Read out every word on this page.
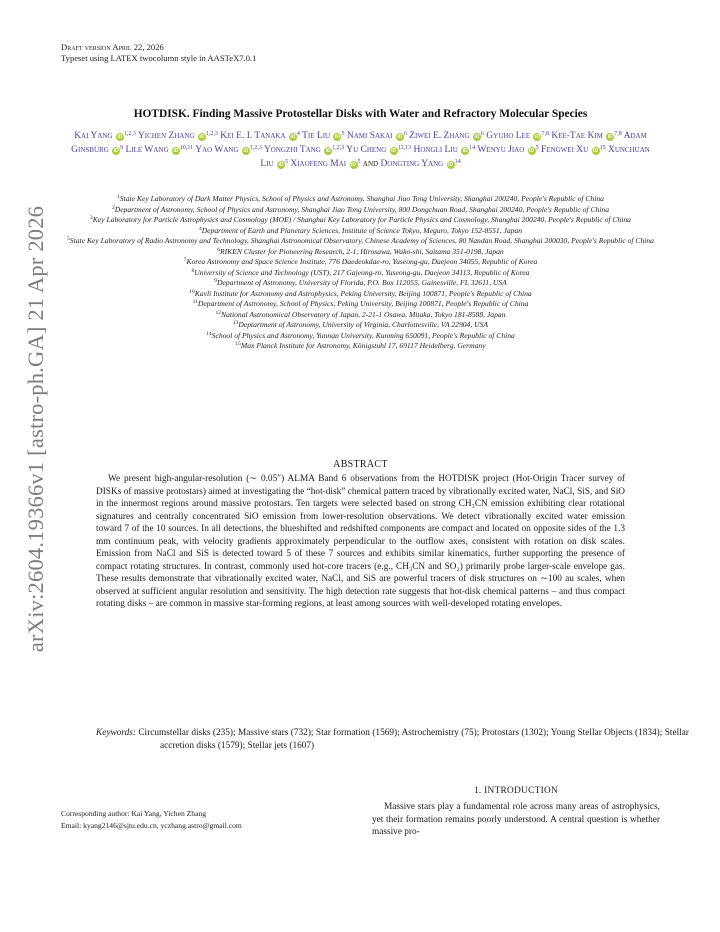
arXiv:2604.19366v1 [astro-ph.GA] 21 Apr 2026
Draft version April 22, 2026
Typeset using LATEX twocolumn style in AASTeX7.0.1
HOTDISK. Finding Massive Protostellar Disks with Water and Refractory Molecular Species
Kai Yang iD $^{1,2,3}$ Yichen Zhang iD $^{1,2,3}$ Kei E. I. Tanaka iD $^4$ Tie Liu iD $^5$ Nami Sakai iD $^6$ Ziwei E. Zhang iD $^6$ Gyuho Lee iD $^{7,8}$ Kee-Tae Kim iD $^{7,8}$ Adam Ginsburg iD $^9$ Lile Wang iD $^{10,11}$ Yao Wang iD $^{1,2,3}$ Yongzhi Tang iD $^{1,2,3}$ Yu Cheng iD $^{12,13}$ Hongli Liu iD $^{14}$ Wenyu Jiao iD $^5$ Fengwei Xu iD $^{15}$ Xunchuan Liu iD $^5$ Xiaofeng Mai iD $^5$ and Dongting Yang iD $^{14}$

$^1$State Key Laboratory of Dark Matter Physics, School of Physics and Astronomy, Shanghai Jiao Tong University, Shanghai 200240, People's Republic of China

$^2$Department of Astronomy, School of Physics and Astronomy, Shanghai Jiao Tong University, 800 Dongchuan Road, Shanghai 200240, People's Republic of China

$^3$Key Laboratory for Particle Astrophysics and Cosmology (MOE) / Shanghai Key Laboratory for Particle Physics and Cosmology, Shanghai 200240, People's Republic of China

$^4$Department of Earth and Planetary Sciences, Institute of Science Tokyo, Meguro, Tokyo 152-8551, Japan

$^5$State Key Laboratory of Radio Astronomy and Technology, Shanghai Astronomical Observatory, Chinese Academy of Sciences, 80 Nandan Road, Shanghai 200030, People's Republic of China

$^6$RIKEN Cluster for Pioneering Research, 2-1, Hirosawa, Wako-shi, Saitama 351-0198, Japan

$^7$Korea Astronomy and Space Science Institute, 776 Daedeokdae-ro, Yuseong-gu, Daejeon 34055, Republic of Korea

$^8$University of Science and Technology (UST), 217 Gajeong-ro, Yuseong-gu, Daejeon 34113, Republic of Korea

$^9$Department of Astronomy, University of Florida, P.O. Box 112055, Gainesville, FL 32611, USA

$^{10}$Kavli Institute for Astronomy and Astrophysics, Peking University, Beijing 100871, People's Republic of China

$^{11}$Department of Astronomy, School of Physics, Peking University, Beijing 100871, People's Republic of China

$^{12}$National Astronomical Observatory of Japan, 2-21-1 Osawa, Mitaka, Tokyo 181-8588, Japan

$^{13}$Deptartment of Astronomy, University of Virginia, Charlottesville, VA 22904, USA

$^{14}$School of Physics and Astronomy, Yunnan University, Kunming 650091, People's Republic of China

$^{15}$Max Planck Institute for Astronomy, Königstuhl 17, 69117 Heidelberg, Germany

ABSTRACT

We present high-angular-resolution (∼ 0.05″) ALMA Band 6 observations from the HOTDISK project (Hot-Origin Tracer survey of DISKs of massive protostars) aimed at investigating the “hot-disk” chemical pattern traced by vibrationally excited water, NaCl, SiS, and SiO in the innermost regions around massive protostars. Ten targets were selected based on strong CH₃CN emission exhibiting clear rotational signatures and centrally concentrated SiO emission from lower-resolution observations. We detect vibrationally excited water emission toward 7 of the 10 sources. In all detections, the blueshifted and redshifted components are compact and located on opposite sides of the 1.3 mm continuum peak, with velocity gradients approximately perpendicular to the outflow axes, consistent with rotation on disk scales. Emission from NaCl and SiS is detected toward 5 of these 7 sources and exhibits similar kinematics, further supporting the presence of compact rotating structures. In contrast, commonly used hot-core tracers (e.g., CH₃CN and SO₂) primarily probe larger-scale envelope gas. These results demonstrate that vibrationally excited water, NaCl, and SiS are powerful tracers of disk structures on ∼100 au scales, when observed at sufficient angular resolution and sensitivity. The high detection rate suggests that hot-disk chemical patterns – and thus compact rotating disks – are common in massive star-forming regions, at least among sources with well-developed rotating envelopes.

Keywords: Circumstellar disks (235); Massive stars (732); Star formation (1569); Astrochemistry (75); Protostars (1302); Young Stellar Objects (1834); Stellar accretion disks (1579); Stellar jets (1607)
1. INTRODUCTION

Massive stars play a fundamental role across many areas of astrophysics, yet their formation remains poorly understood. A central question is whether massive pro-

Corresponding author: Kai Yang, Yichen Zhang

Email: kyang2146@sjtu.edu.cn, yczhang.astro@gmail.com
